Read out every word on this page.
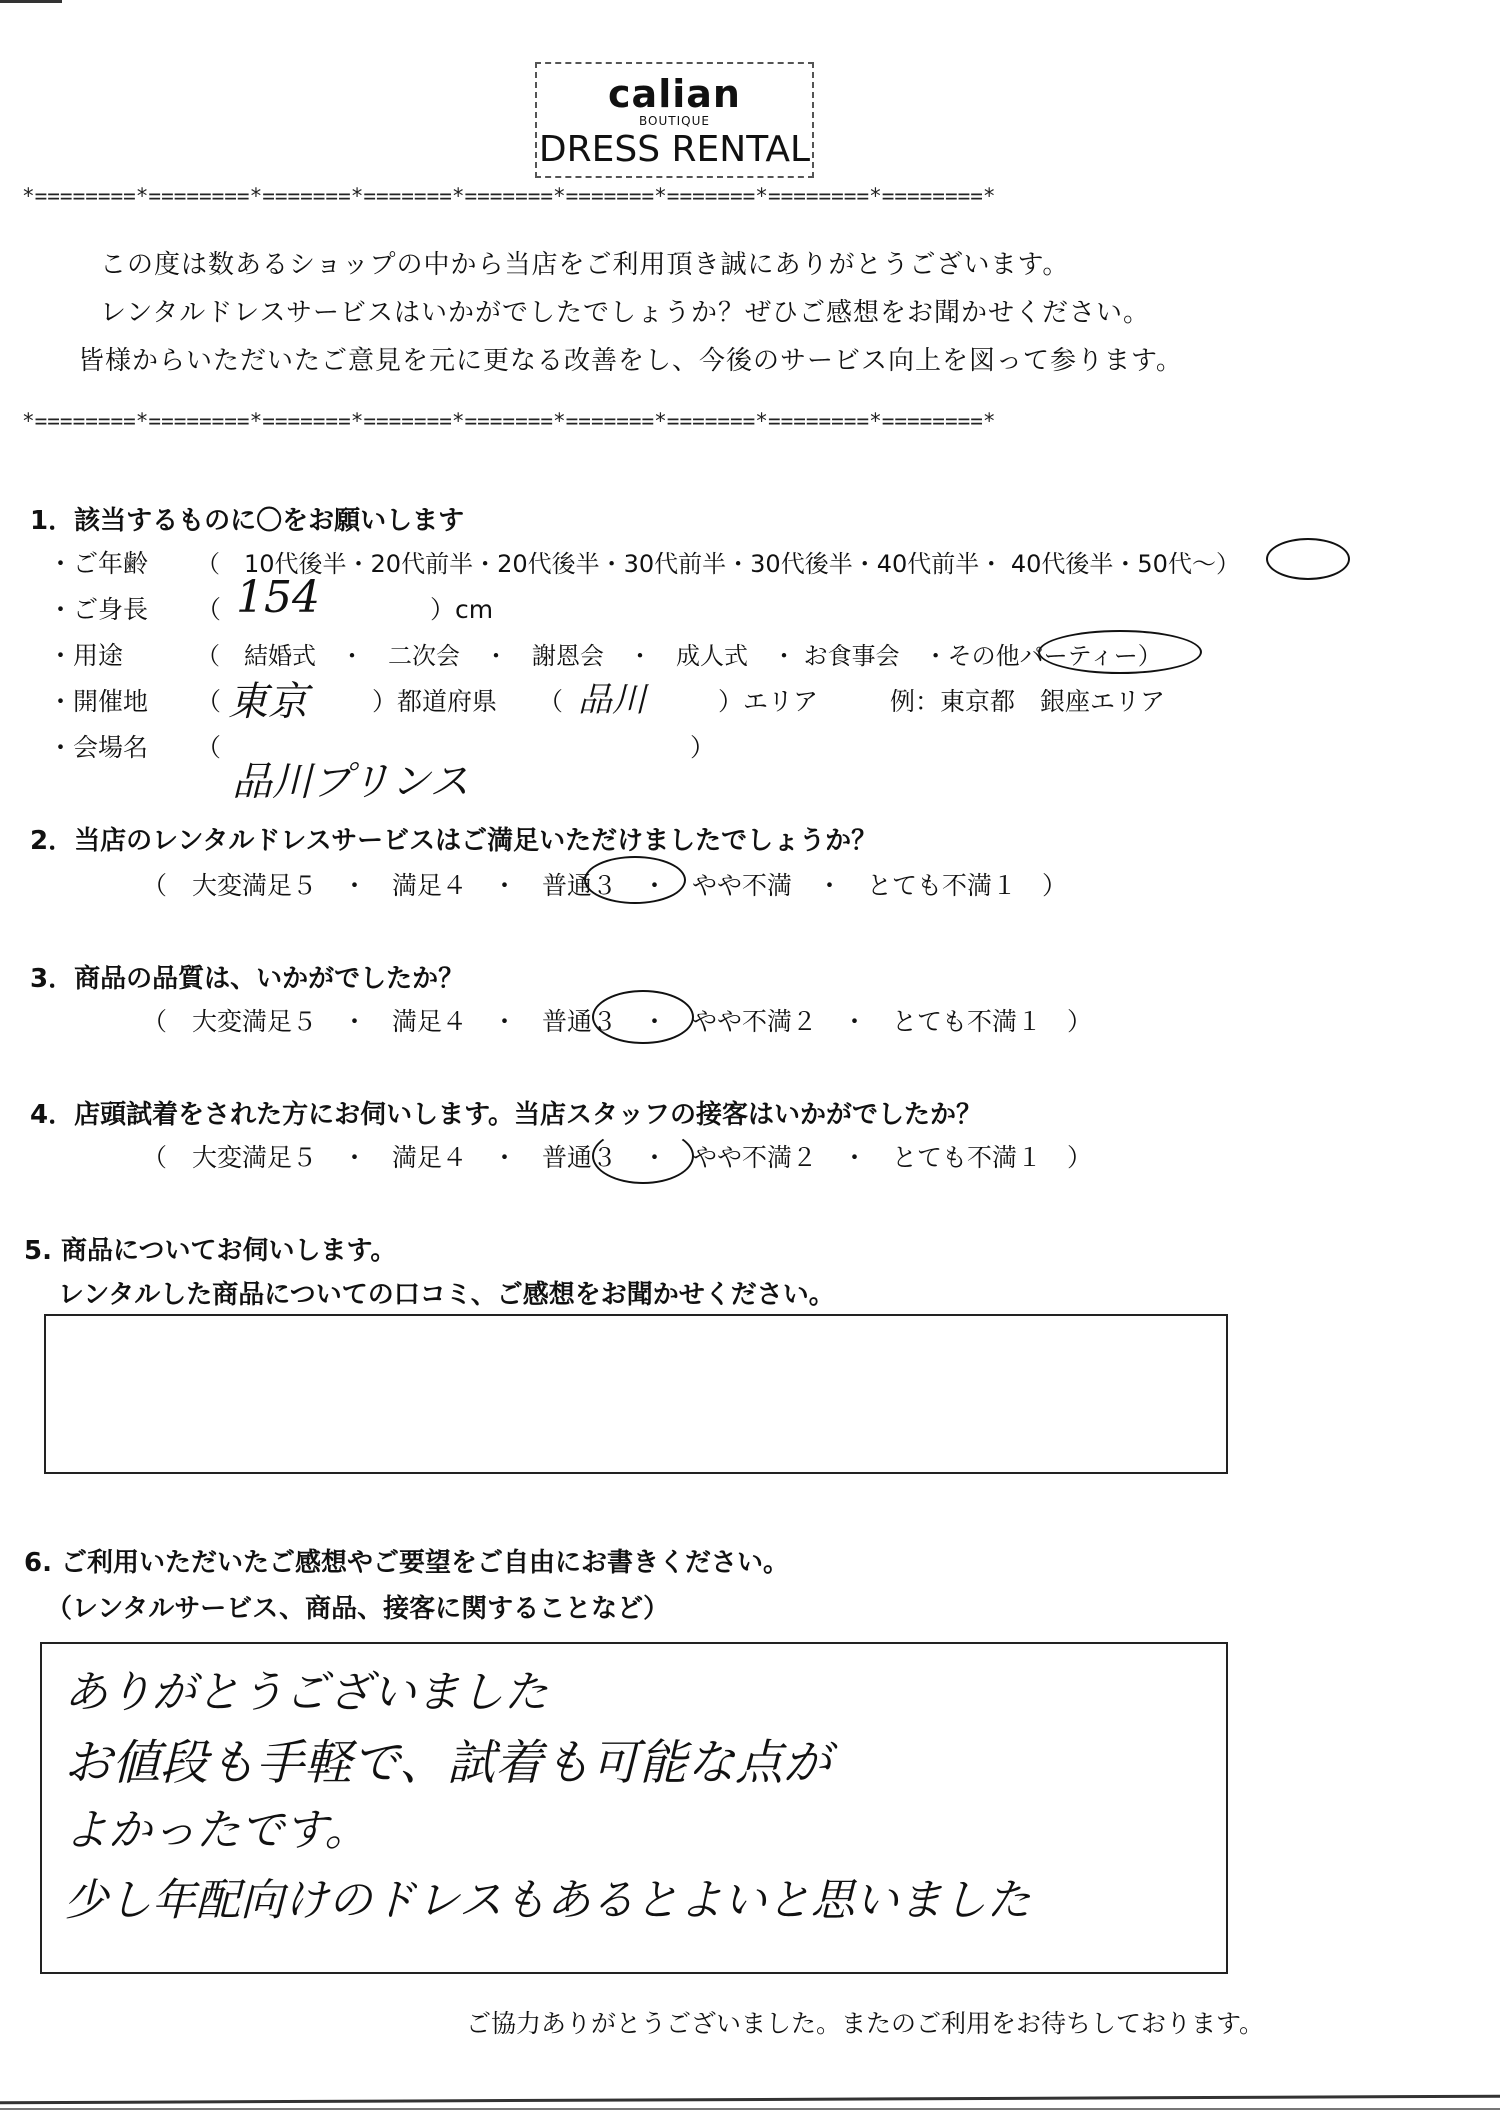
calian
BOUTIQUE
DRESS RENTAL
*========*========*=======*=======*=======*=======*=======*========*========*
*========*========*=======*=======*=======*=======*=======*========*========*
この度は数あるショップの中から当店をご利用頂き誠にありがとうございます。
レンタルドレスサービスはいかがでしたでしょうか？ぜひご感想をお聞かせください。
皆様からいただいたご意見を元に更なる改善をし、今後のサービス向上を図って参ります。
1．該当するものに〇をお願いします
・ご年齢 （　10代後半・20代前半・20代後半・30代前半・30代後半・40代前半・ 40代後半・50代〜）
・ご身長 （ 154	）cm
・用途	（　結婚式　・　二次会　・　謝恩会　・　成人式　・ お食事会　・その他パーティー）
・開催地 （ 東京	）都道府県 （ 品川	）エリア	例：東京都　銀座エリア
・会場名 （	）
品川プリンス
2．当店のレンタルドレスサービスはご満足いただけましたでしょうか？
（　大変満足５　・　満足４　・　普通３　・　やや不満　・　とても不満１　）
3．商品の品質は、いかがでしたか？
（　大変満足５　・　満足４　・　普通３　・　やや不満２　・　とても不満１　）
4．店頭試着をされた方にお伺いします。当店スタッフの接客はいかがでしたか？
（　大変満足５　・　満足４　・　普通３　・　やや不満２　・　とても不満１　）
5. 商品についてお伺いします。
レンタルした商品についての口コミ、ご感想をお聞かせください。
6. ご利用いただいたご感想やご要望をご自由にお書きください。
（レンタルサービス、商品、接客に関することなど）
ありがとうございました
お値段も手軽で、試着も可能な点が
よかったです。
少し年配向けのドレスもあるとよいと思いました
ご協力ありがとうございました。またのご利用をお待ちしております。
